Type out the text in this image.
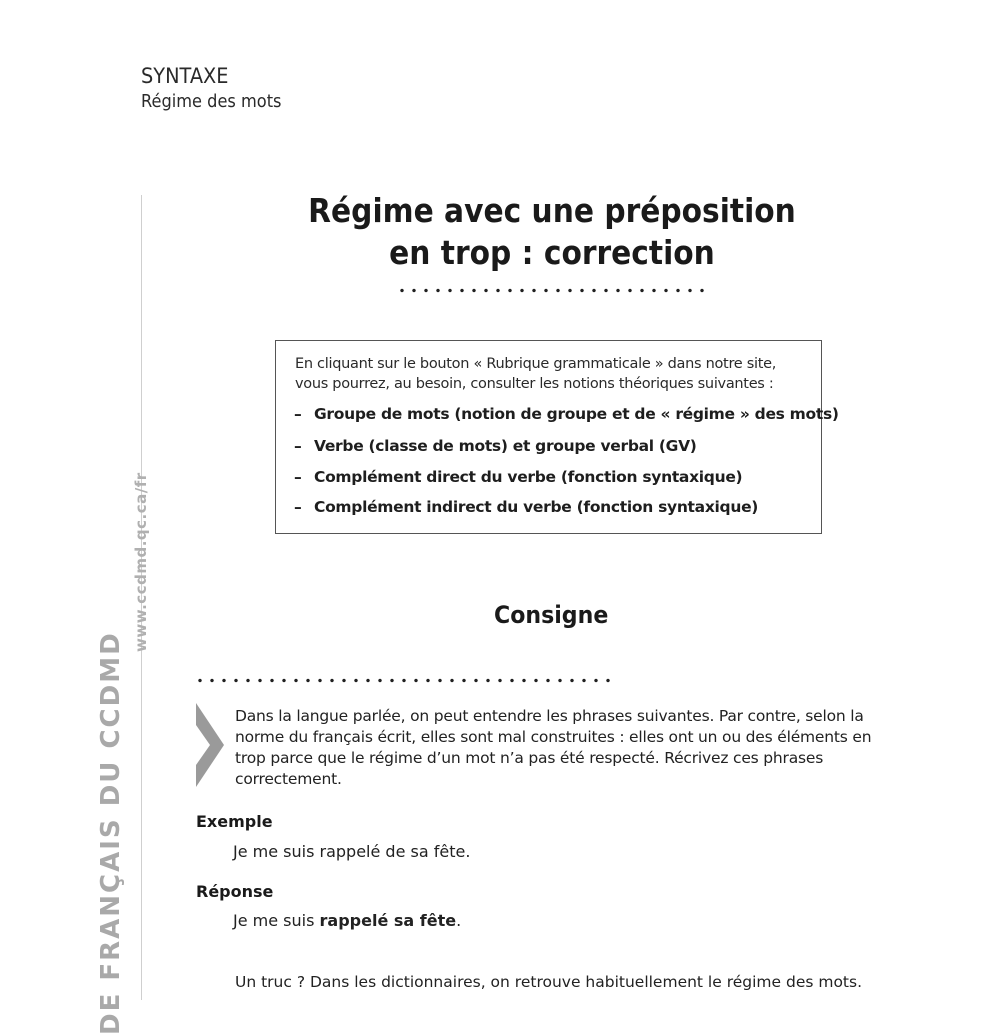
SYNTAXE
Régime des mots
DE FRANÇAIS DU CCDMD
www.ccdmd.qc.ca/fr
Régime avec une préposition
en trop : correction
En cliquant sur le bouton « Rubrique grammaticale » dans notre site,
vous pourrez, au besoin, consulter les notions théoriques suivantes :
– Groupe de mots (notion de groupe et de « régime » des mots)
– Verbe (classe de mots) et groupe verbal (GV)
– Complément direct du verbe (fonction syntaxique)
– Complément indirect du verbe (fonction syntaxique)
Consigne
Dans la langue parlée, on peut entendre les phrases suivantes. Par contre, selon la norme du français écrit, elles sont mal construites : elles ont un ou des éléments en trop parce que le régime d’un mot n’a pas été respecté. Récrivez ces phrases correctement.
Exemple
Je me suis rappelé de sa fête.
Réponse
Je me suis rappelé sa fête.
Un truc ? Dans les dictionnaires, on retrouve habituellement le régime des mots.
